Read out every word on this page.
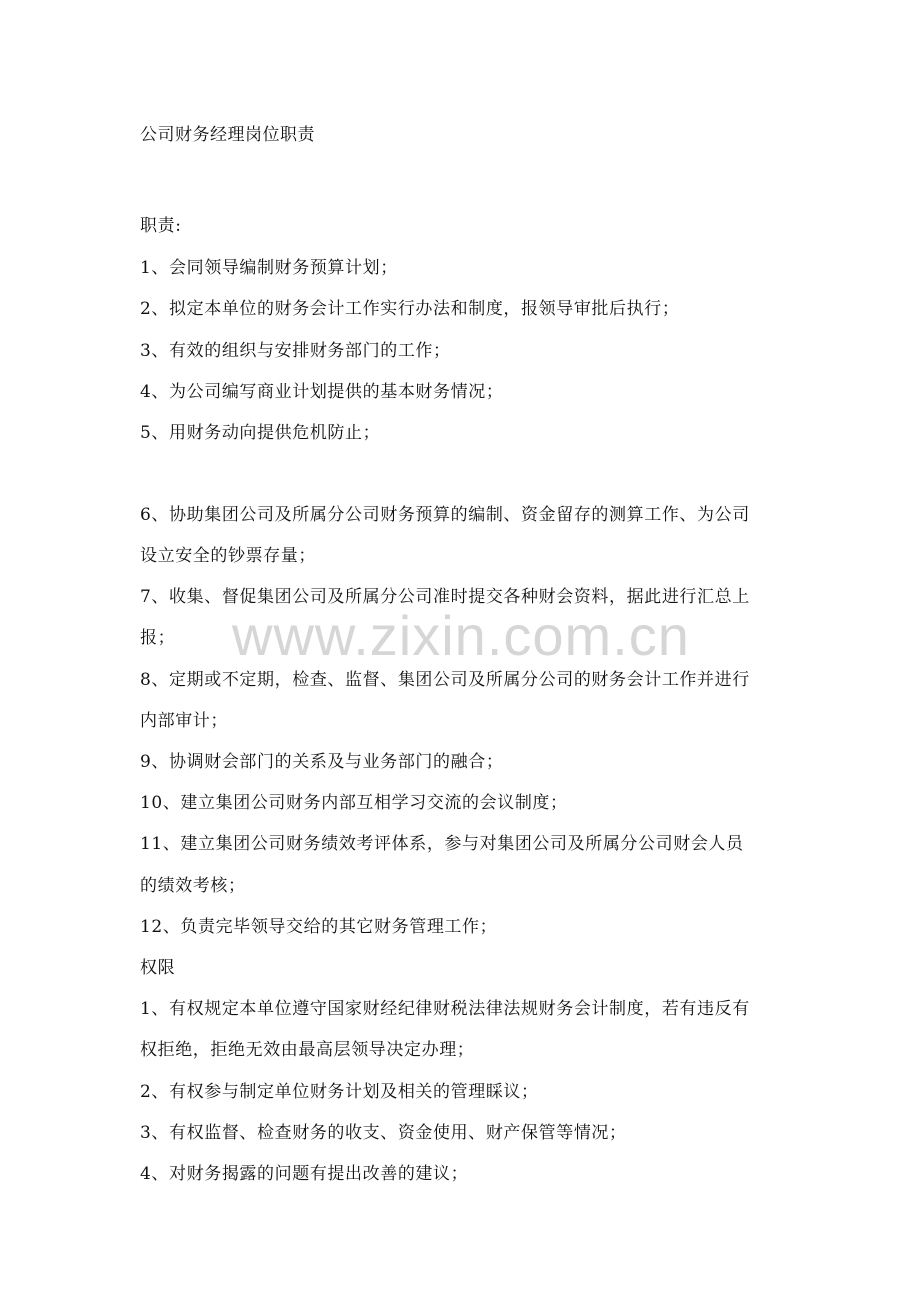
公司财务经理岗位职责
职责:
1、会同领导编制财务预算计划；
2、拟定本单位的财务会计工作实行办法和制度，报领导审批后执行；
3、有效的组织与安排财务部门的工作；
4、为公司编写商业计划提供的基本财务情况；
5、用财务动向提供危机防止；
6、协助集团公司及所属分公司财务预算的编制、资金留存的测算工作、为公司
设立安全的钞票存量；
7、收集、督促集团公司及所属分公司准时提交各种财会资料，据此进行汇总上
报；
8、定期或不定期，检查、监督、集团公司及所属分公司的财务会计工作并进行
内部审计；
9、协调财会部门的关系及与业务部门的融合；
10、建立集团公司财务内部互相学习交流的会议制度；
11、建立集团公司财务绩效考评体系，参与对集团公司及所属分公司财会人员
的绩效考核；
12、负责完毕领导交给的其它财务管理工作；
权限
1、有权规定本单位遵守国家财经纪律财税法律法规财务会计制度，若有违反有
权拒绝，拒绝无效由最高层领导决定办理；
2、有权参与制定单位财务计划及相关的管理睬议；
3、有权监督、检查财务的收支、资金使用、财产保管等情况；
4、对财务揭露的问题有提出改善的建议；
www.zixin.com.cn
